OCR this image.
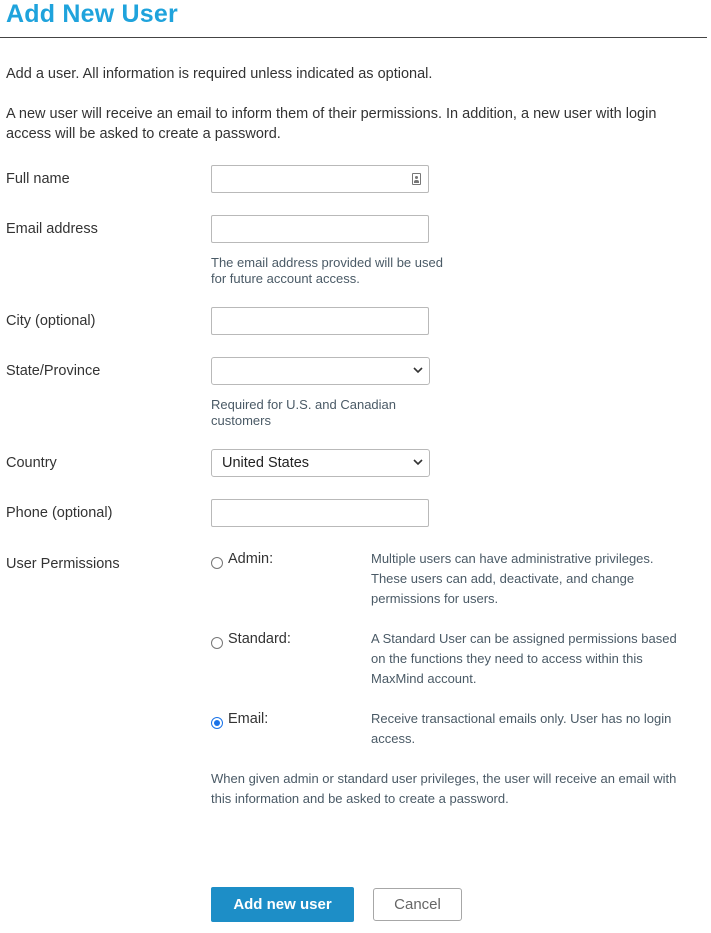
Add New User
Add a user. All information is required unless indicated as optional.
A new user will receive an email to inform them of their permissions. In addition, a new user with login access will be asked to create a password.
Full name
Email address
The email address provided will be used
for future account access.
City (optional)
State/Province
Required for U.S. and Canadian
customers
Country	United States
Phone (optional)
User Permissions	Admin:	Multiple users can have administrative privileges. These users can add, deactivate, and change permissions for users.
Standard:	A Standard User can be assigned permissions based on the functions they need to access within this MaxMind account.
Email:	Receive transactional emails only. User has no login access.
When given admin or standard user privileges, the user will receive an email with this information and be asked to create a password.
Add new user	Cancel
